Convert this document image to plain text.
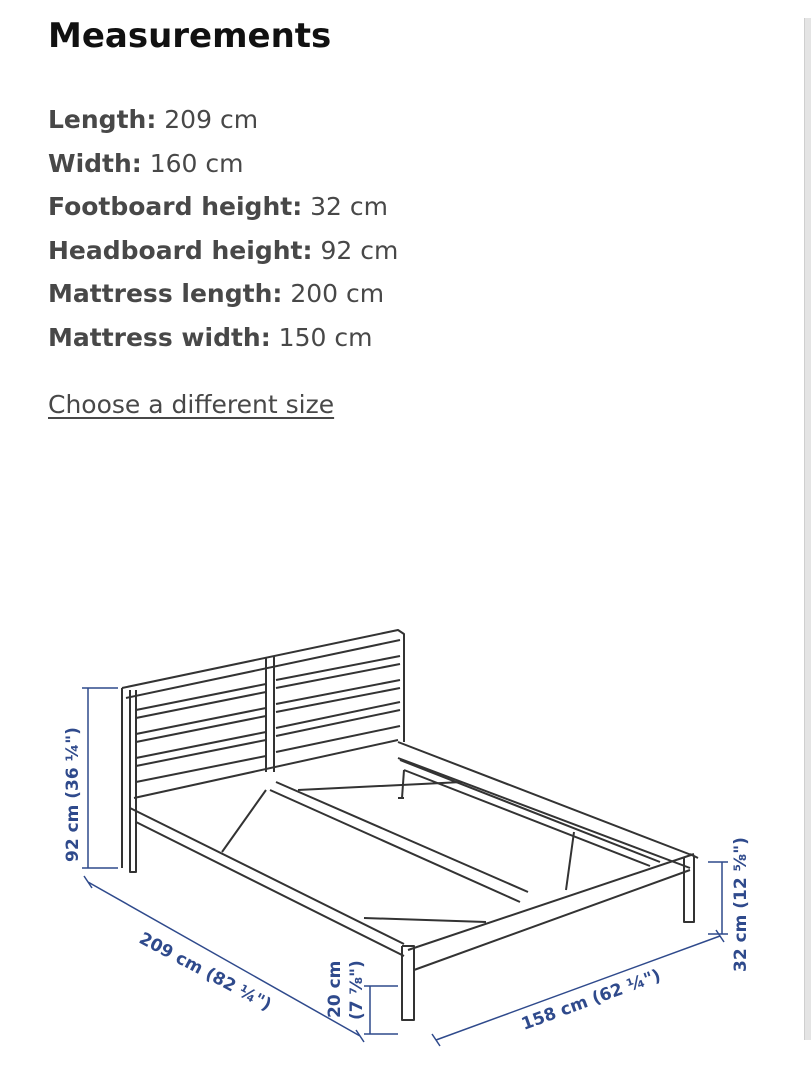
Measurements
Length: 209 cm
Width: 160 cm
Footboard height: 32 cm
Headboard height: 92 cm
Mattress length: 200 cm
Mattress width: 150 cm
Choose a different size
92 cm (36 ¼")
209 cm (82 ¼")	20 cm (7 ⅞")	158 cm (62 ¼")
32 cm (12 ⅝")
